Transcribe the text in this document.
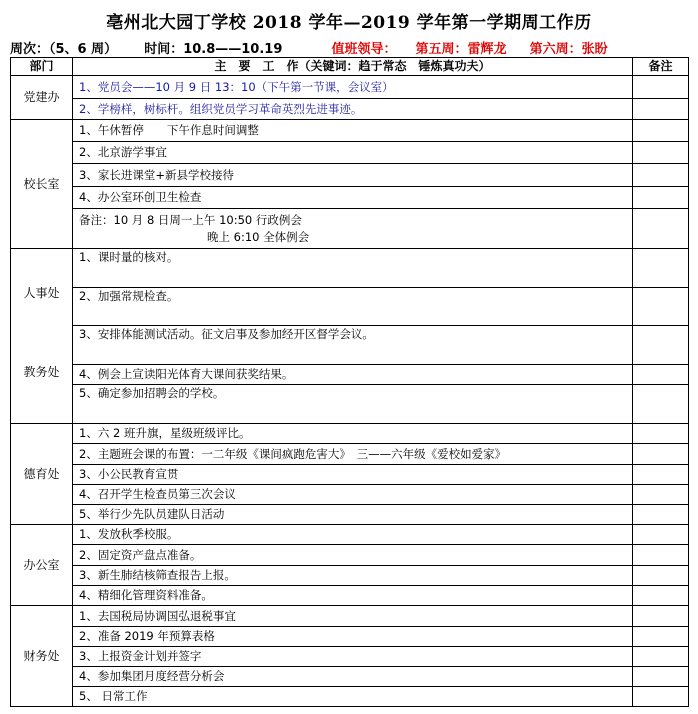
亳州北大园丁学校 2018 学年—2019 学年第一学期周工作历
周次：（5、6 周） 时间：10.8——10.19	值班领导： 第五周：雷辉龙 第六周：张盼
部门	主　要　工　作（关键词：趋于常态　锤炼真功夫）	备注
党建办	1、党员会——10 月 9 日 13：10（下午第一节课，会议室）	
	2、学榜样，树标杆。组织党员学习革命英烈先进事迹。	
校长室	1、午休暂停　　下午作息时间调整	
	2、北京游学事宜	
	3、家长进课堂+新县学校接待	
	4、办公室环创卫生检查	

	备注：10 月 8 日周一上午 10:50 行政例会
晚上 6:10 全体例会	

人事处
教务处	1、课时量的核对。	
	2、加强常规检查。	
	3、安排体能测试活动。征文启事及参加经开区督学会议。	
	4、例会上宣读阳光体育大课间获奖结果。	
	5、确定参加招聘会的学校。	
德育处	1、六 2 班升旗，星级班级评比。	
	2、主题班会课的布置：一二年级《课间疯跑危害大》　三——六年级《爱校如爱家》	
	3、小公民教育宣贯	
	4、召开学生检查员第三次会议	
	5、举行少先队员建队日活动	
办公室	1、发放秋季校服。	
	2、固定资产盘点准备。	
	3、新生肺结核筛查报告上报。	
	4、精细化管理资料准备。	
财务处	1、去国税局协调国弘退税事宜	
	2、准备 2019 年预算表格	
	3、上报资金计划并签字	
	4、参加集团月度经营分析会	
	5、 日常工作	
